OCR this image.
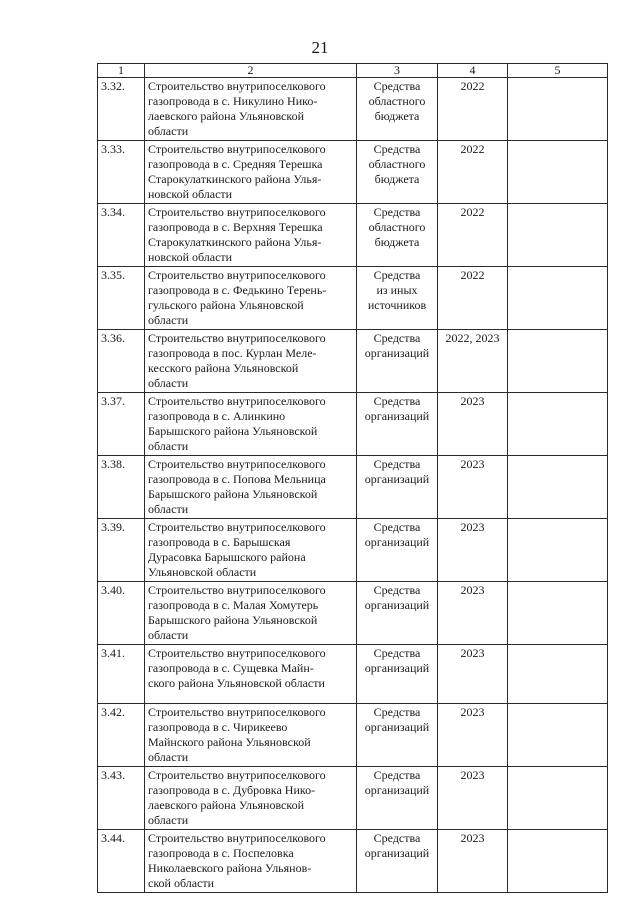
21
1	2	3	4	5
3.32.	Строительство внутрипоселкового
газопровода в с. Никулино Нико-
лаевского района Ульяновской
области	Средства
областного
бюджета	2022	
3.33.	Строительство внутрипоселкового
газопровода в с. Средняя Терешка
Старокулаткинского района Улья-
новской области	Средства
областного
бюджета	2022	
3.34.	Строительство внутрипоселкового
газопровода в с. Верхняя Терешка
Старокулаткинского района Улья-
новской области	Средства
областного
бюджета	2022	
3.35.	Строительство внутрипоселкового
газопровода в с. Федькино Терень-
гульского района Ульяновской
области	Средства
из иных
источников	2022	
3.36.	Строительство внутрипоселкового
газопровода в пос. Курлан Меле-
кесского района Ульяновской
области	Средства
организаций	2022, 2023	
3.37.	Строительство внутрипоселкового
газопровода в с. Алинкино
Барышского района Ульяновской
области	Средства
организаций	2023	
3.38.	Строительство внутрипоселкового
газопровода в с. Попова Мельница
Барышского района Ульяновской
области	Средства
организаций	2023	
3.39.	Строительство внутрипоселкового
газопровода в с. Барышская
Дурасовка Барышского района
Ульяновской области	Средства
организаций	2023	
3.40.	Строительство внутрипоселкового
газопровода в с. Малая Хомутерь
Барышского района Ульяновской
области	Средства
организаций	2023	
3.41.	Строительство внутрипоселкового
газопровода в с. Сущевка Майн-
ского района Ульяновской области	Средства
организаций	2023	
3.42.	Строительство внутрипоселкового
газопровода в с. Чирикеево
Майнского района Ульяновской
области	Средства
организаций	2023	
3.43.	Строительство внутрипоселкового
газопровода в с. Дубровка Нико-
лаевского района Ульяновской
области	Средства
организаций	2023	
3.44.	Строительство внутрипоселкового
газопровода в с. Поспеловка
Николаевского района Ульянов-
ской области	Средства
организаций	2023	
